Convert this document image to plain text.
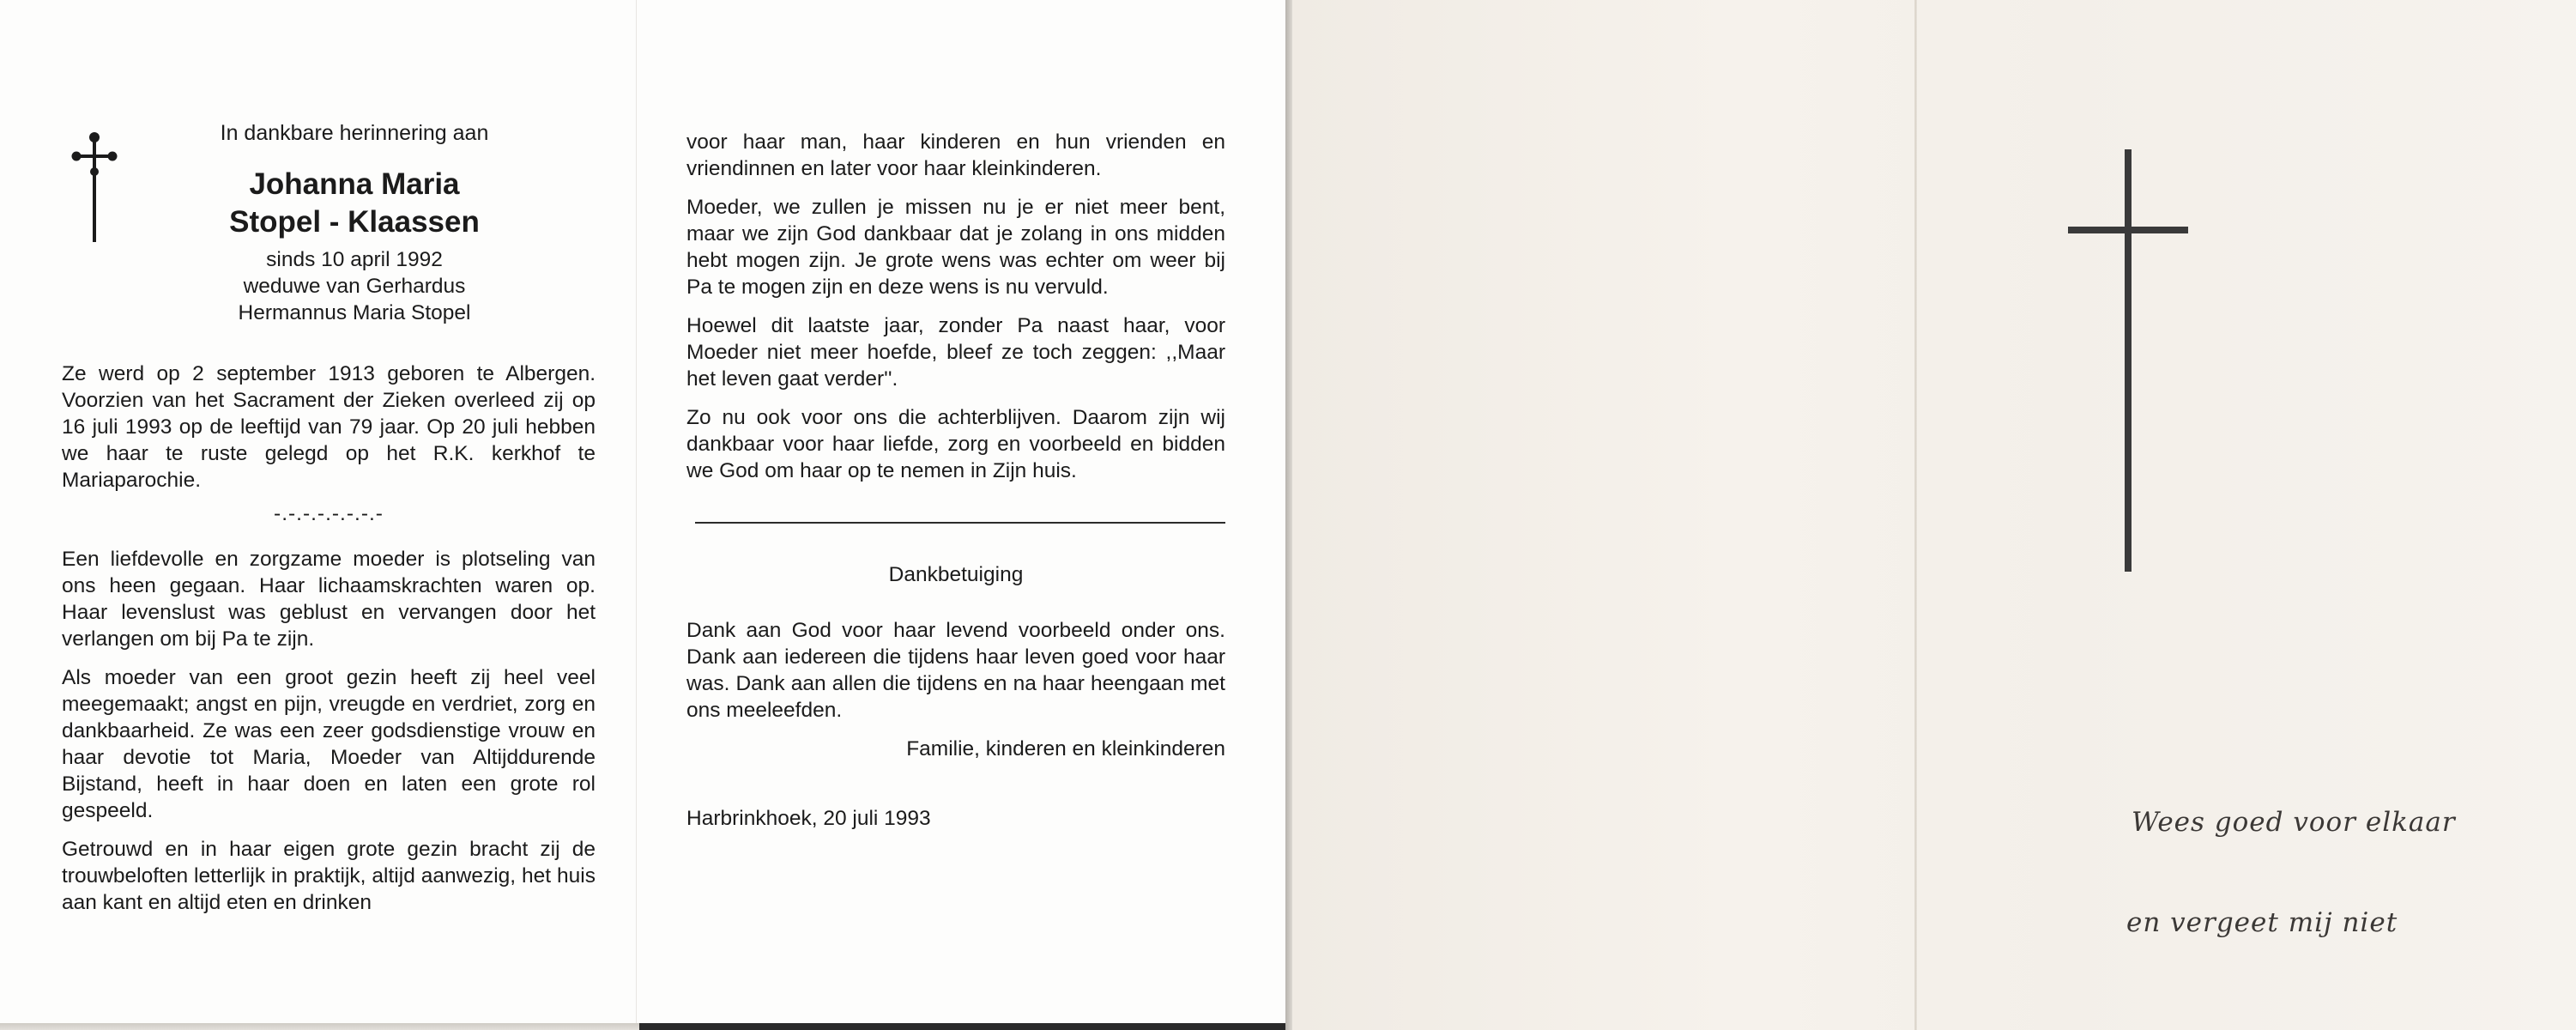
In dankbare herinnering aan

Johanna Maria

Stopel - Klaassen

sinds 10 april 1992
weduwe van Gerhardus
Hermannus Maria Stopel

Ze werd op 2 september 1913 geboren te Albergen. Voorzien van het Sacrament der Zieken overleed zij op 16 juli 1993 op de leeftijd van 79 jaar. Op 20 juli hebben we haar te ruste gelegd op het R.K. kerkhof te Mariaparochie.

-.-.-.-.-.-.-.-

Een liefdevolle en zorgzame moeder is plotseling van ons heen gegaan. Haar lichaamskrachten waren op. Haar levenslust was geblust en vervangen door het verlangen om bij Pa te zijn.

Als moeder van een groot gezin heeft zij heel veel meegemaakt; angst en pijn, vreugde en verdriet, zorg en dankbaarheid. Ze was een zeer godsdienstige vrouw en haar devotie tot Maria, Moeder van Altijddurende Bijstand, heeft in haar doen en laten een grote rol gespeeld.

Getrouwd en in haar eigen grote gezin bracht zij de trouwbeloften letterlijk in praktijk, altijd aanwezig, het huis aan kant en altijd eten en drinken

voor haar man, haar kinderen en hun vrienden en vriendinnen en later voor haar kleinkinderen.

Moeder, we zullen je missen nu je er niet meer bent, maar we zijn God dankbaar dat je zolang in ons midden hebt mogen zijn. Je grote wens was echter om weer bij Pa te mogen zijn en deze wens is nu vervuld.

Hoewel dit laatste jaar, zonder Pa naast haar, voor Moeder niet meer hoefde, bleef ze toch zeggen: ,,Maar het leven gaat verder''.

Zo nu ook voor ons die achterblijven. Daarom zijn wij dankbaar voor haar liefde, zorg en voorbeeld en bidden we God om haar op te nemen in Zijn huis.

Dankbetuiging

Dank aan God voor haar levend voorbeeld onder ons. Dank aan iedereen die tijdens haar leven goed voor haar was. Dank aan allen die tijdens en na haar heengaan met ons meeleefden.

Familie, kinderen en kleinkinderen

Harbrinkhoek, 20 juli 1993	Wees goed voor elkaar
en vergeet mij niet
